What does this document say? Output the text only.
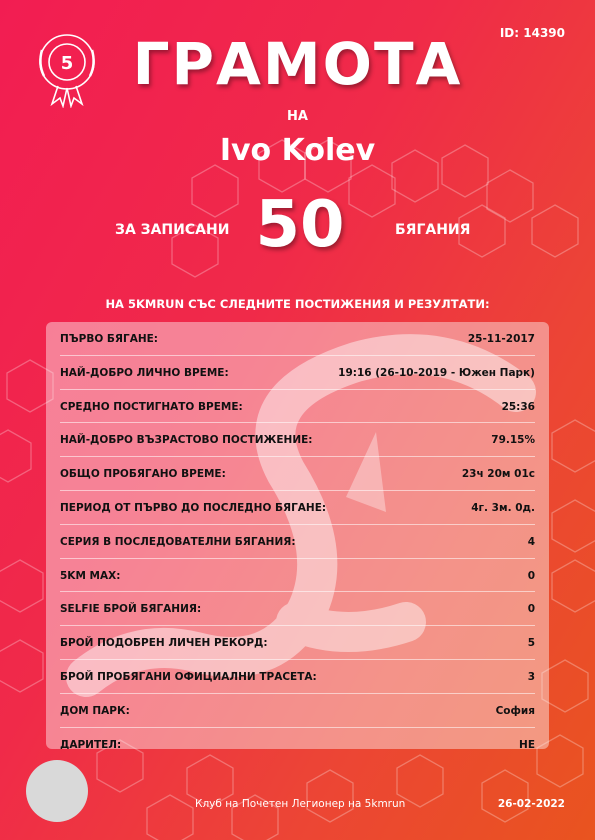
5
ID: 14390
ГРАМОТА
НА
Ivo Kolev
ЗА ЗАПИСАНИ 50	БЯГАНИЯ
НА 5KMRUN СЪС СЛЕДНИТЕ ПОСТИЖЕНИЯ И РЕЗУЛТАТИ:
ПЪРВО БЯГАНЕ:	25-11-2017
НАЙ-ДОБРО ЛИЧНО ВРЕМЕ:	19:16 (26-10-2019 - Южен Парк)
СРЕДНО ПОСТИГНАТО ВРЕМЕ:	25:36
НАЙ-ДОБРО ВЪЗРАСТОВО ПОСТИЖЕНИЕ:	79.15%
ОБЩО ПРОБЯГАНО ВРЕМЕ:	23ч 20м 01с
ПЕРИОД ОТ ПЪРВО ДО ПОСЛЕДНО БЯГАНЕ:	4г. 3м. 0д.
СЕРИЯ В ПОСЛЕДОВАТЕЛНИ БЯГАНИЯ:	4
5KM MAX:	0
SELFIE БРОЙ БЯГАНИЯ:	0
БРОЙ ПОДОБРЕН ЛИЧЕН РЕКОРД:	5
БРОЙ ПРОБЯГАНИ ОФИЦИАЛНИ ТРАСЕТА:	3
ДОМ ПАРК:	София
ДАРИТЕЛ:	НЕ
Клуб на Почетен Легионер на 5kmrun	26-02-2022
